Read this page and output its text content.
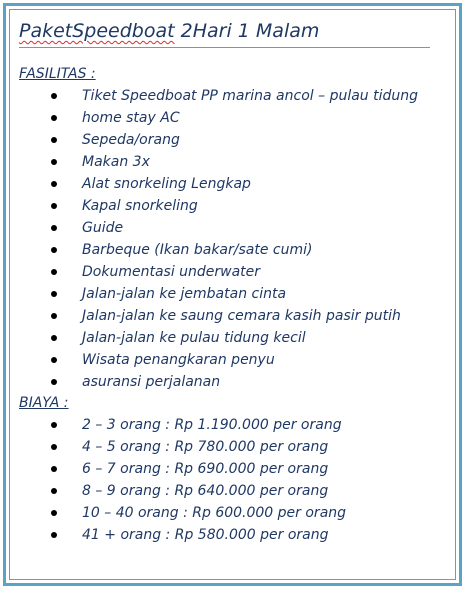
PaketSpeedboat 2Hari 1 Malam
FASILITAS :
Tiket Speedboat PP marina ancol – pulau tidung
home stay AC
Sepeda/orang
Makan 3x
Alat snorkeling Lengkap
Kapal snorkeling
Guide
Barbeque (Ikan bakar/sate cumi)
Dokumentasi underwater
Jalan-jalan ke jembatan cinta
Jalan-jalan ke saung cemara kasih pasir putih
Jalan-jalan ke pulau tidung kecil
Wisata penangkaran penyu
asuransi perjalanan
BIAYA :
2 – 3 orang : Rp 1.190.000 per orang
4 – 5 orang : Rp 780.000 per orang
6 – 7 orang : Rp 690.000 per orang
8 – 9 orang : Rp 640.000 per orang
10 – 40 orang : Rp 600.000 per orang
41 + orang : Rp 580.000 per orang
